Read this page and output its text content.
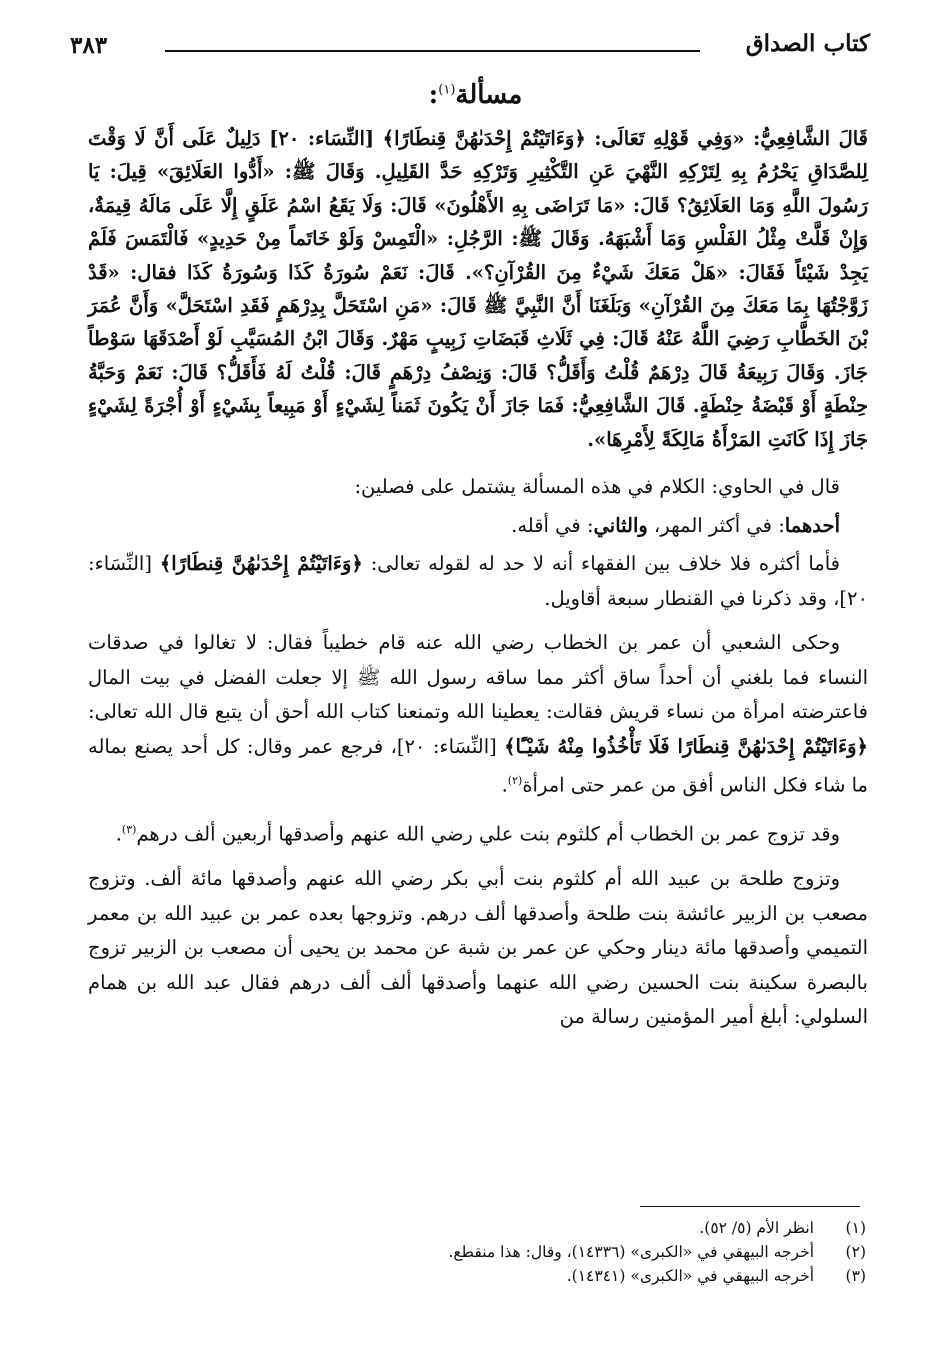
كتاب الصداق
٣٨٣
مسألة$^{(١)}$:

قَالَ الشَّافِعِيُّ: «وَفِي قَوْلِهِ تَعَالَى: ﴿وَءَاتَيْتُمْ إِحْدَىٰهُنَّ قِنطَارًا﴾ [النِّسَاء: ٢٠] دَلِيلٌ عَلَى أَنَّ لَا وَقْتَ لِلصَّدَاقِ يَحْرُمُ بِهِ لِتَرْكِهِ النَّهْيَ عَنِ التَّكْثِيرِ وَتَرْكِهِ حَدَّ القَلِيلِ. وَقَالَ ﷺ: «أَدُّوا العَلَائِقَ» قِيلَ: يَا رَسُولَ اللَّهِ وَمَا العَلَائِقُ؟ قَالَ: «مَا تَرَاضَى بِهِ الأَهْلُونَ» قَالَ: وَلَا يَقَعُ اسْمُ عَلَقٍ إِلَّا عَلَى مَالَهُ قِيمَةٌ، وَإِنْ قَلَّتْ مِثْلُ الفَلْسِ وَمَا أَشْبَهَهُ. وَقَالَ ﷺ: الرَّجُلِ: «الْتَمِسْ وَلَوْ خَاتَماً مِنْ حَدِيدٍ» فَالْتَمَسَ فَلَمْ يَجِدْ شَيْئاً فَقَالَ: «هَلْ مَعَكَ شَيْءٌ مِنَ القُرْآنِ؟». قَالَ: نَعَمْ سُورَةُ كَذَا وَسُورَةُ كَذَا فقال: «قَدْ زَوَّجْتُهَا بِمَا مَعَكَ مِنَ القُرْآنِ» وَبَلَغَنَا أَنَّ النَّبِيَّ ﷺ قَالَ: «مَنِ اسْتَحَلَّ بِدِرْهَمٍ فَقَدِ اسْتَحَلَّ» وَأَنَّ عُمَرَ بْنَ الخَطَّابِ رَضِيَ اللَّهُ عَنْهُ قَالَ: فِي ثَلَاثِ قَبَضَاتِ زَبِيبٍ مَهْرٌ. وَقَالَ ابْنُ المُسَيَّبِ لَوْ أَصْدَقَهَا سَوْطاً جَازَ. وَقَالَ رَبِيعَةُ قَالَ دِرْهَمٌ قُلْتُ وَأَقَلُّ؟ قَالَ: وَنِصْفُ دِرْهَمٍ قَالَ: قُلْتُ لَهُ فَأَقَلُّ؟ قَالَ: نَعَمْ وَحَبَّةُ حِنْطَةٍ أَوْ قَبْضَةُ حِنْطَةٍ. قَالَ الشَّافِعِيُّ: فَمَا جَازَ أَنْ يَكُونَ ثَمَناً لِشَيْءٍ أَوْ مَبِيعاً بِشَيْءٍ أَوْ أُجْرَةً لِشَيْءٍ جَازَ إِذَا كَانَتِ المَرْأَةُ مَالِكَةً لِأَمْرِهَا».

قال في الحاوي: الكلام في هذه المسألة يشتمل على فصلين:

أحدهما: في أكثر المهر، والثاني: في أقله.

فأما أكثره فلا خلاف بين الفقهاء أنه لا حد له لقوله تعالى: ﴿وَءَاتَيْتُمْ إِحْدَىٰهُنَّ قِنطَارًا﴾ [النِّسَاء: ٢٠]، وقد ذكرنا في القنطار سبعة أقاويل.

وحكى الشعبي أن عمر بن الخطاب رضي الله عنه قام خطيباً فقال: لا تغالوا في صدقات النساء فما بلغني أن أحداً ساق أكثر مما ساقه رسول الله ﷺ إلا جعلت الفضل في بيت المال فاعترضته امرأة من نساء قريش فقالت: يعطينا الله وتمنعنا كتاب الله أحق أن يتبع قال الله تعالى: ﴿وَءَاتَيْتُمْ إِحْدَىٰهُنَّ قِنطَارًا فَلَا تَأْخُذُوا مِنْهُ شَيْـًٔا﴾ [النِّسَاء: ٢٠]، فرجع عمر وقال: كل أحد يصنع بماله ما شاء فكل الناس أفق من عمر حتى امرأة$^{(٢)}$.

وقد تزوج عمر بن الخطاب أم كلثوم بنت علي رضي الله عنهم وأصدقها أربعين ألف درهم$^{(٣)}$.

وتزوج طلحة بن عبيد الله أم كلثوم بنت أبي بكر رضي الله عنهم وأصدقها مائة ألف. وتزوج مصعب بن الزبير عائشة بنت طلحة وأصدقها ألف درهم. وتزوجها بعده عمر بن عبيد الله بن معمر التميمي وأصدقها مائة دينار وحكي عن عمر بن شبة عن محمد بن يحيى أن مصعب بن الزبير تزوج بالبصرة سكينة بنت الحسين رضي الله عنهما وأصدقها ألف ألف درهم فقال عبد الله بن همام السلولي: أبلغ أمير المؤمنين رسالة من

(١)
انظر الأم (٥/ ٥٢).
(٢)
أخرجه البيهقي في «الكبرى» (١٤٣٣٦)، وقال: هذا منقطع.
(٣)
أخرجه البيهقي في «الكبرى» (١٤٣٤١).
